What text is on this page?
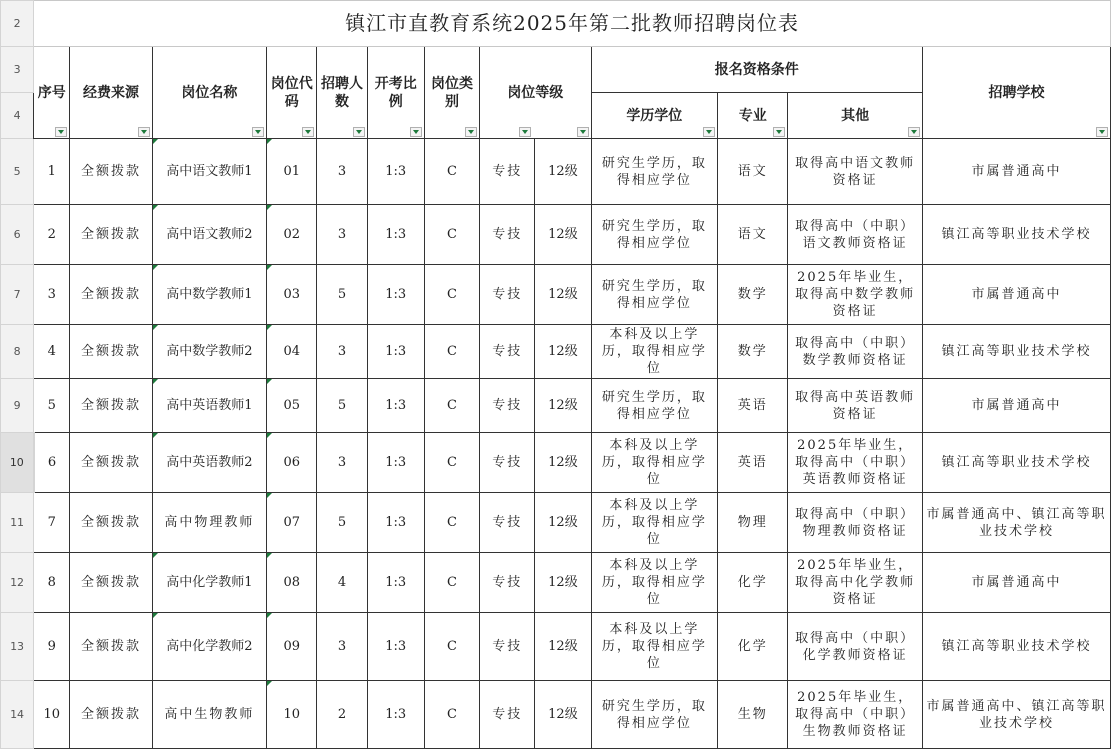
2	镇江市直教育系统2025年第二批教师招聘岗位表												
3	序号	经费来源	岗位名称	岗位代码	招聘人数	开考比例	岗位类别	岗位等级		报名资格条件			招聘学校

4										学历学位	专业	其他	

5	1	全额拨款	高中语文教师1	01	3	1:3	C	专技	12级	研究生学历，取得相应学位	语文	取得高中语文教师资格证	市属普通高中
6	2	全额拨款	高中语文教师2	02	3	1:3	C	专技	12级	研究生学历，取得相应学位	语文	取得高中（中职）语文教师资格证	镇江高等职业技术学校
7	3	全额拨款	高中数学教师1	03	5	1:3	C	专技	12级	研究生学历，取得相应学位	数学	2025年毕业生，取得高中数学教师资格证	市属普通高中
8	4	全额拨款	高中数学教师2	04	3	1:3	C	专技	12级	本科及以上学历，取得相应学位	数学	取得高中（中职）数学教师资格证	镇江高等职业技术学校
9	5	全额拨款	高中英语教师1	05	5	1:3	C	专技	12级	研究生学历，取得相应学位	英语	取得高中英语教师资格证	市属普通高中
10	6	全额拨款	高中英语教师2	06	3	1:3	C	专技	12级	本科及以上学历，取得相应学位	英语	2025年毕业生，取得高中（中职）英语教师资格证	镇江高等职业技术学校
11	7	全额拨款	高中物理教师	07	5	1:3	C	专技	12级	本科及以上学历，取得相应学位	物理	取得高中（中职）物理教师资格证	市属普通高中、镇江高等职业技术学校
12	8	全额拨款	高中化学教师1	08	4	1:3	C	专技	12级	本科及以上学历，取得相应学位	化学	2025年毕业生，取得高中化学教师资格证	市属普通高中
13	9	全额拨款	高中化学教师2	09	3	1:3	C	专技	12级	本科及以上学历，取得相应学位	化学	取得高中（中职）化学教师资格证	镇江高等职业技术学校
14	10	全额拨款	高中生物教师	10	2	1:3	C	专技	12级	研究生学历，取得相应学位	生物	2025年毕业生，取得高中（中职）生物教师资格证	市属普通高中、镇江高等职业技术学校
